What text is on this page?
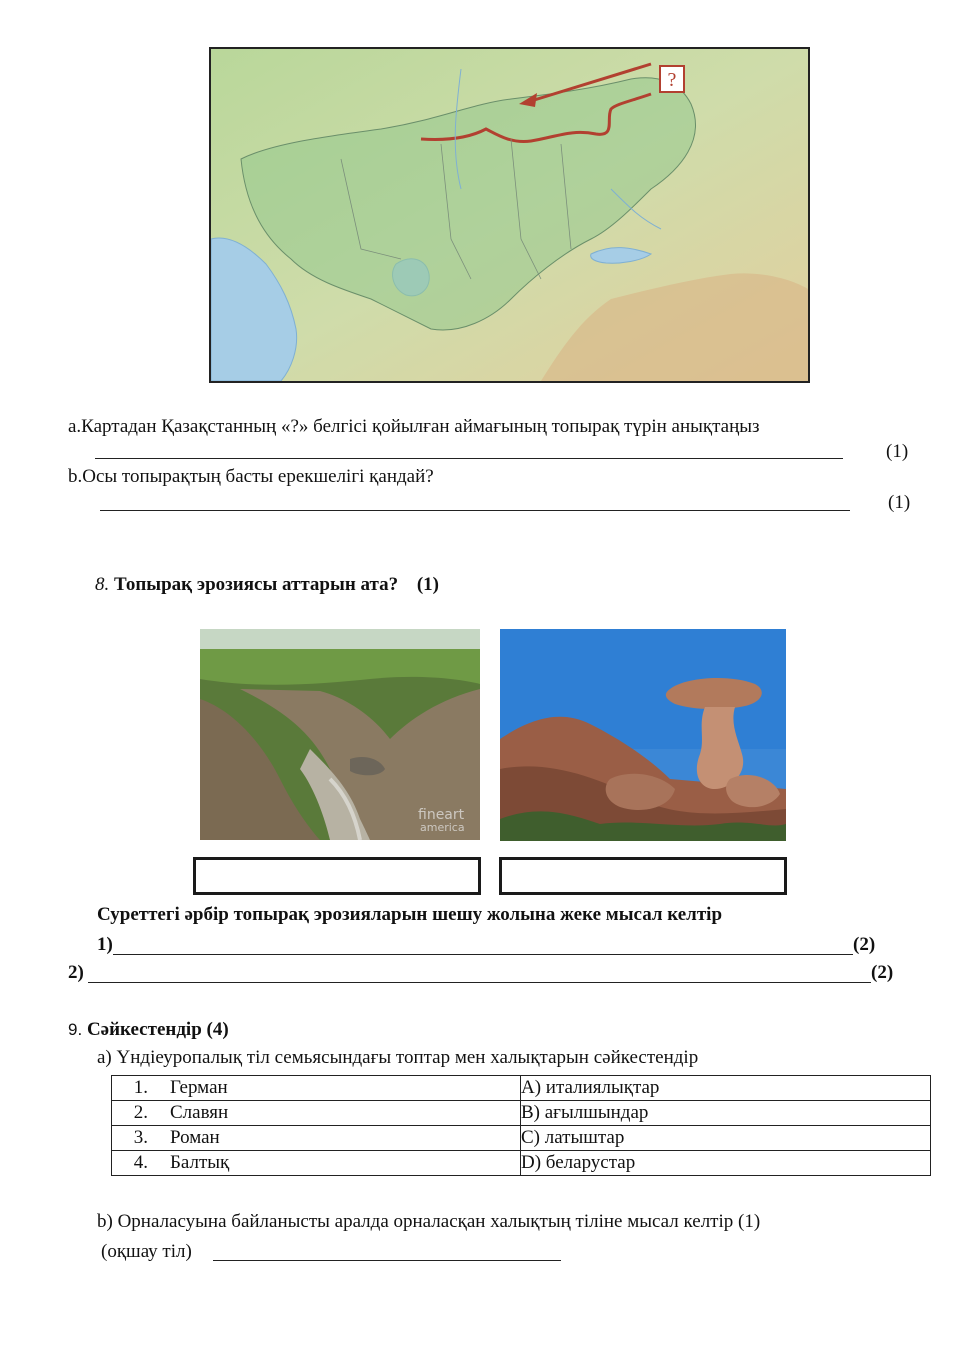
?
a.Картадан Қазақстанның «?» белгісі қойылған аймағының топырақ түрін анықтаңыз
(1)
b.Осы топырақтың басты ерекшелігі қандай?
(1)
8. Топырақ эрозиясы аттарын ата? (1)
fineart
america
Суреттегі әрбір топырақ эрозияларын шешу жолына жеке мысал келтір
1)	(2)
2)	(2)
9. Сәйкестендір (4)
а) Үндіеуропалық тіл семьясындағы топтар мен халықтарын сәйкестендір
1. Герман	A) италиялықтар
2. Славян	B) ағылшындар
3. Роман	C) латыштар
4. Балтық	D) беларустар
b) Орналасуына байланысты аралда орналасқан халықтың тіліне мысал келтір (1)
(оқшау тіл)
